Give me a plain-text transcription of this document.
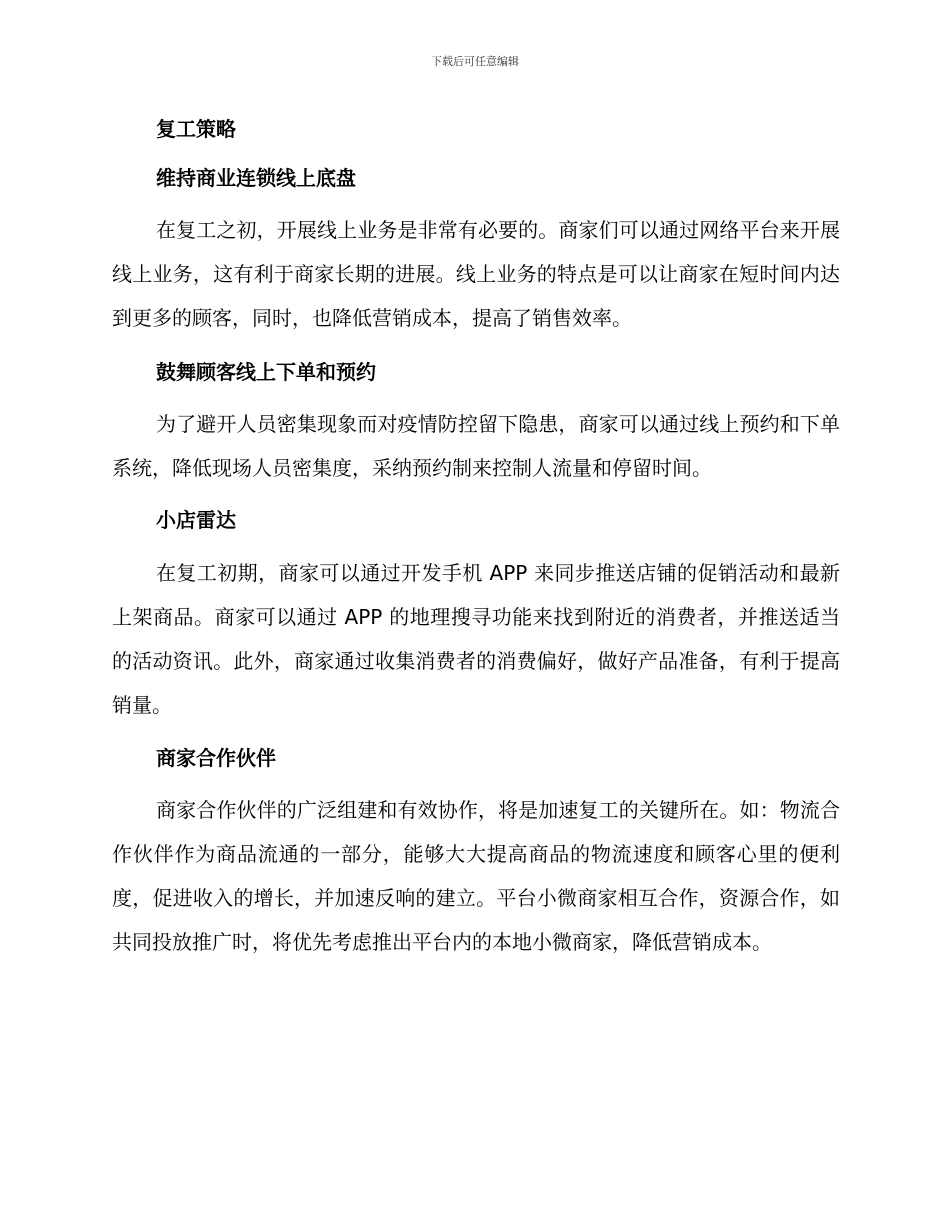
下载后可任意编辑

复工策略

维持商业连锁线上底盘

在复工之初，开展线上业务是非常有必要的。商家们可以通过网络平台来开展线上业务，这有利于商家长期的进展。线上业务的特点是可以让商家在短时间内达到更多的顾客，同时，也降低营销成本，提高了销售效率。

鼓舞顾客线上下单和预约

为了避开人员密集现象而对疫情防控留下隐患，商家可以通过线上预约和下单系统，降低现场人员密集度，采纳预约制来控制人流量和停留时间。

小店雷达

在复工初期，商家可以通过开发手机 APP 来同步推送店铺的促销活动和最新上架商品。商家可以通过 APP 的地理搜寻功能来找到附近的消费者，并推送适当的活动资讯。此外，商家通过收集消费者的消费偏好，做好产品准备，有利于提高销量。

商家合作伙伴

商家合作伙伴的广泛组建和有效协作，将是加速复工的关键所在。如：物流合作伙伴作为商品流通的一部分，能够大大提高商品的物流速度和顾客心里的便利度，促进收入的增长，并加速反响的建立。平台小微商家相互合作，资源合作，如共同投放推广时，将优先考虑推出平台内的本地小微商家，降低营销成本。
